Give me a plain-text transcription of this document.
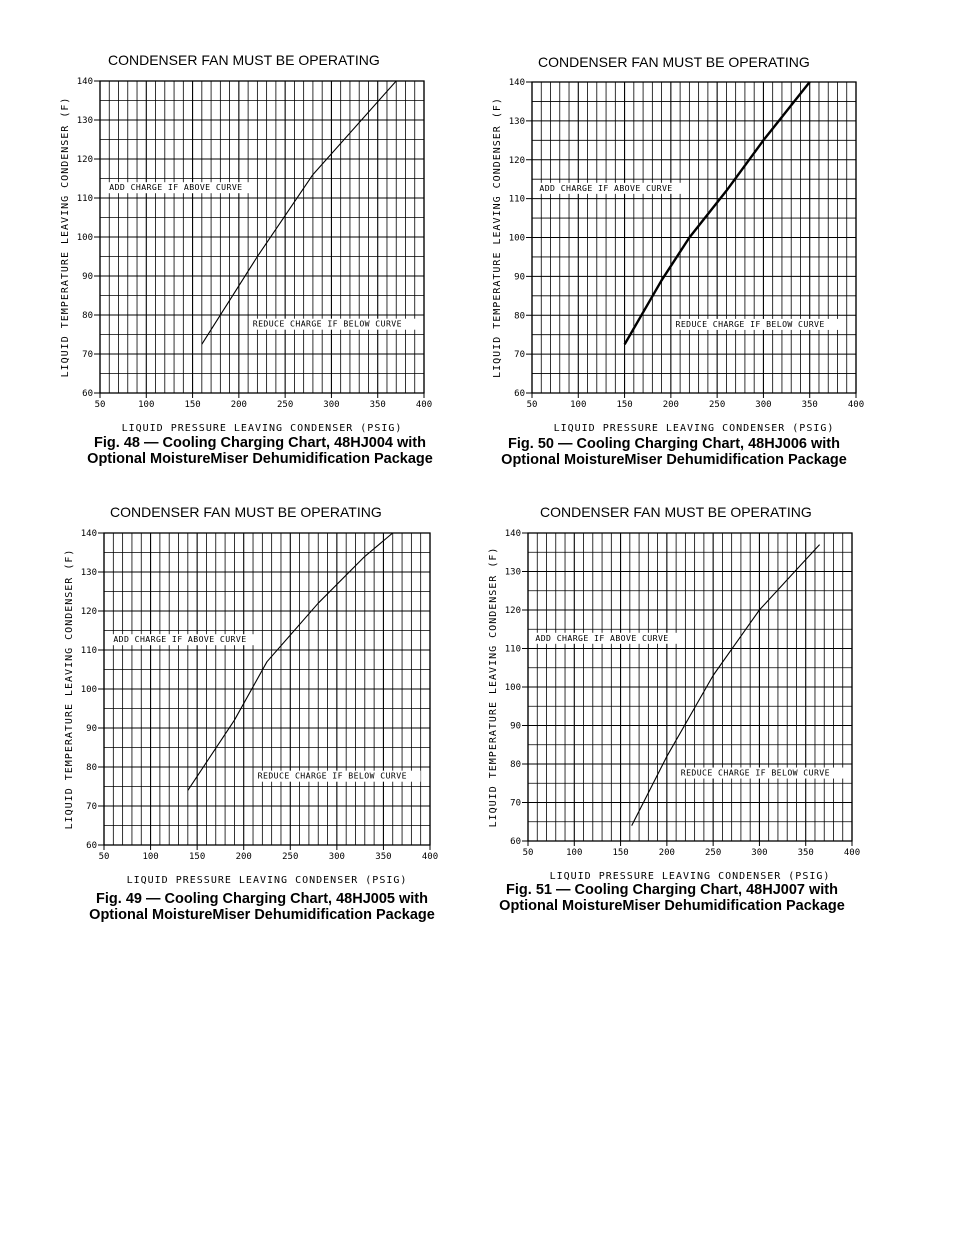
CONDENSER FAN MUST BE OPERATING
60
70
80
90
100
110
120
130
140
50	100	150	200	250	300	350	400
LIQUID PRESSURE LEAVING CONDENSER (PSIG)
LIQUID TEMPERATURE LEAVING CONDENSER (F)	ADD CHARGE IF ABOVE CURVE
REDUCE CHARGE IF BELOW CURVE
Fig. 48 — Cooling Charging Chart, 48HJ004 with
Optional MoistureMiser Dehumidification Package
CONDENSER FAN MUST BE OPERATING
60
70
80
90
100
110
120
130
140
50	100	150	200	250	300	350	400
LIQUID PRESSURE LEAVING CONDENSER (PSIG)
LIQUID TEMPERATURE LEAVING CONDENSER (F)	ADD CHARGE IF ABOVE CURVE
REDUCE CHARGE IF BELOW CURVE
Fig. 50 — Cooling Charging Chart, 48HJ006 with
Optional MoistureMiser Dehumidification Package
CONDENSER FAN MUST BE OPERATING
60
70
80
90
100
110
120
130
140
50	100	150	200	250	300	350	400
LIQUID PRESSURE LEAVING CONDENSER (PSIG)
LIQUID TEMPERATURE LEAVING CONDENSER (F)	ADD CHARGE IF ABOVE CURVE
REDUCE CHARGE IF BELOW CURVE
Fig. 49 — Cooling Charging Chart, 48HJ005 with
Optional MoistureMiser Dehumidification Package
CONDENSER FAN MUST BE OPERATING
60
70
80
90
100
110
120
130
140
50	100	150	200	250	300	350	400
LIQUID PRESSURE LEAVING CONDENSER (PSIG)
LIQUID TEMPERATURE LEAVING CONDENSER (F)	ADD CHARGE IF ABOVE CURVE
REDUCE CHARGE IF BELOW CURVE
Fig. 51 — Cooling Charging Chart, 48HJ007 with
Optional MoistureMiser Dehumidification Package
